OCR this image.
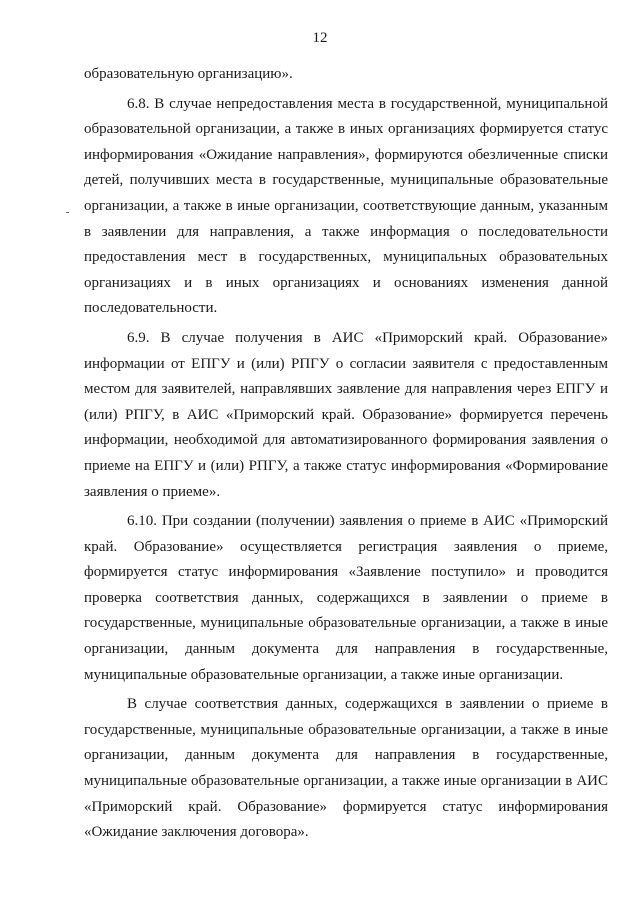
12

образовательную организацию».

6.8. В случае непредоставления места в государственной, муниципальной образовательной организации, а также в иных организациях формируется статус информирования «Ожидание направления», формируются обезличенные списки детей, получивших места в государственные, муниципальные образовательные организации, а также в иные организации, соответствующие данным, указанным в заявлении для направления, а также информация о последовательности предоставления мест в государственных, муниципальных образовательных организациях и в иных организациях и основаниях изменения данной последовательности.

6.9. В случае получения в АИС «Приморский край. Образование» информации от ЕПГУ и (или) РПГУ о согласии заявителя с предоставленным местом для заявителей, направлявших заявление для направления через ЕПГУ и (или) РПГУ, в АИС «Приморский край. Образование» формируется перечень информации, необходимой для автоматизированного формирования заявления о приеме на ЕПГУ и (или) РПГУ, а также статус информирования «Формирование заявления о приеме».

6.10. При создании (получении) заявления о приеме в АИС «Приморский край. Образование» осуществляется регистрация заявления о приеме, формируется статус информирования «Заявление поступило» и проводится проверка соответствия данных, содержащихся в заявлении о приеме в государственные, муниципальные образовательные организации, а также в иные организации, данным документа для направления в государственные, муниципальные образовательные организации, а также иные организации.

В случае соответствия данных, содержащихся в заявлении о приеме в государственные, муниципальные образовательные организации, а также в иные организации, данным документа для направления в государственные, муниципальные образовательные организации, а также иные организации в АИС «Приморский край. Образование» формируется статус информирования «Ожидание заключения договора».
